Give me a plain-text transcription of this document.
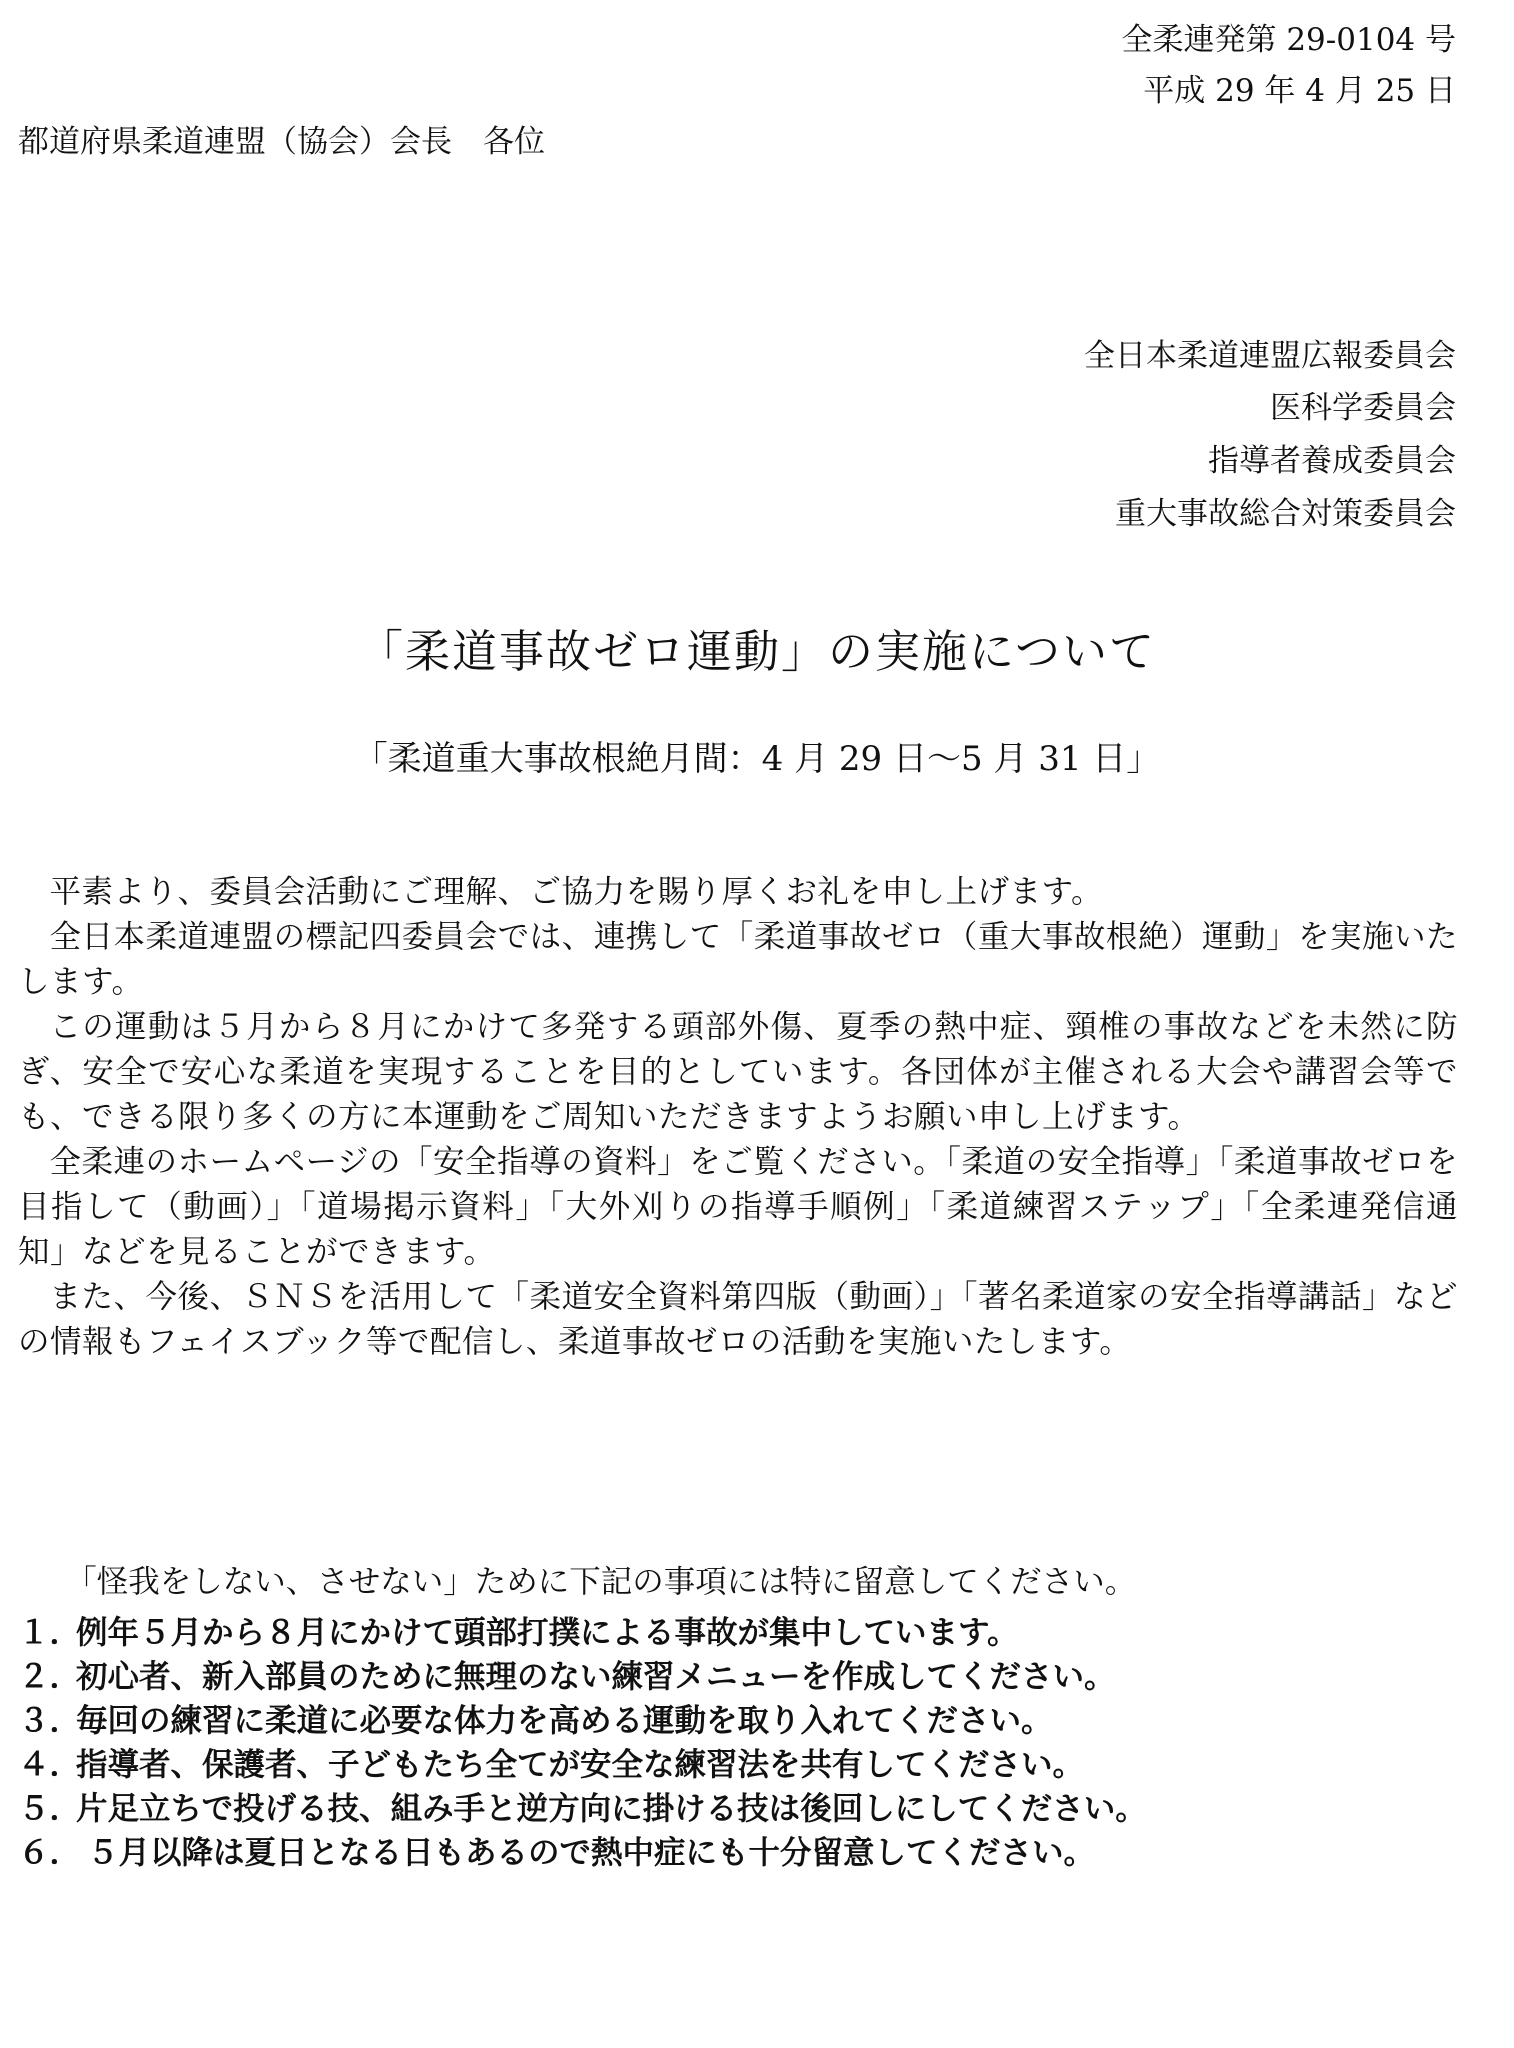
全柔連発第 29-0104 号
平成 29 年 4 月 25 日
都道府県柔道連盟（協会）会長　各位
全日本柔道連盟広報委員会
医科学委員会
指導者養成委員会
重大事故総合対策委員会
「柔道事故ゼロ運動」の実施について
「柔道重大事故根絶月間：4 月 29 日～5 月 31 日」

平素より、委員会活動にご理解、ご協力を賜り厚くお礼を申し上げます。

全日本柔道連盟の標記四委員会では、連携して「柔道事故ゼロ（重大事故根絶）運動」を実施いたします。

この運動は５月から８月にかけて多発する頭部外傷、夏季の熱中症、頸椎の事故などを未然に防ぎ、安全で安心な柔道を実現することを目的としています。各団体が主催される大会や講習会等でも、できる限り多くの方に本運動をご周知いただきますようお願い申し上げます。

全柔連のホームページの「安全指導の資料」をご覧ください。「柔道の安全指導」「柔道事故ゼロを目指して（動画）」「道場掲示資料」「大外刈りの指導手順例」「柔道練習ステップ」「全柔連発信通知」などを見ることができます。

また、今後、ＳＮＳを活用して「柔道安全資料第四版（動画）」「著名柔道家の安全指導講話」などの情報もフェイスブック等で配信し、柔道事故ゼロの活動を実施いたします。

「怪我をしない、させない」ために下記の事項には特に留意してください。
１．例年５月から８月にかけて頭部打撲による事故が集中しています。
２．初心者、新入部員のために無理のない練習メニューを作成してください。
３．毎回の練習に柔道に必要な体力を高める運動を取り入れてください。
４．指導者、保護者、子どもたち全てが安全な練習法を共有してください。
５．片足立ちで投げる技、組み手と逆方向に掛ける技は後回しにしてください。
６． ５月以降は夏日となる日もあるので熱中症にも十分留意してください。
